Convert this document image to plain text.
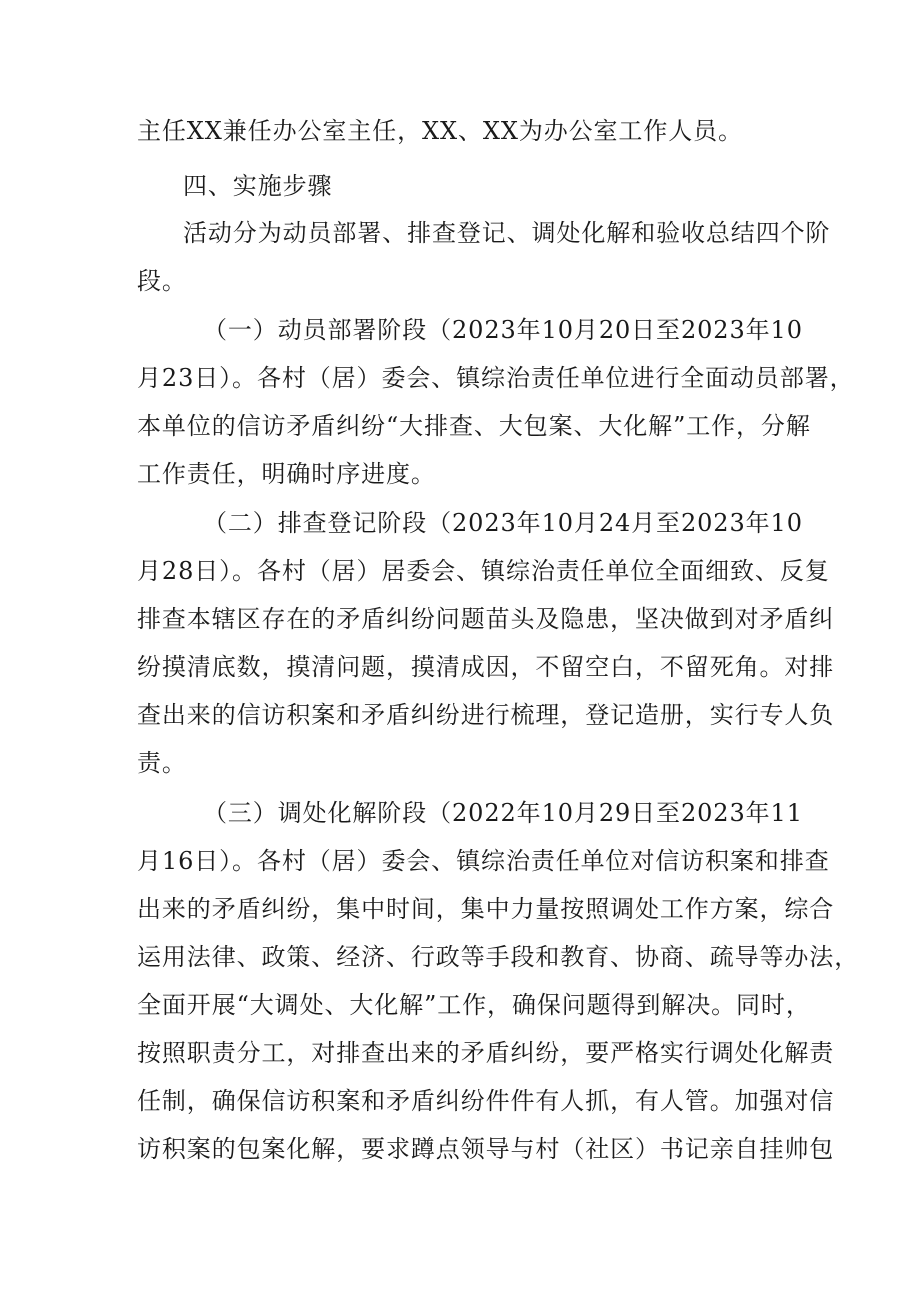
主任XX兼任办公室主任，XX、XX为办公室工作人员。
四、实施步骤
活动分为动员部署、排查登记、调处化解和验收总结四个阶
段。
（一）动员部署阶段（2023年10月20日至2023年10
月23日）。各村（居）委会、镇综治责任单位进行全面动员部署，
本单位的信访矛盾纠纷“大排查、大包案、大化解”工作，分解
工作责任，明确时序进度。
（二）排查登记阶段（2023年10月24月至2023年10
月28日）。各村（居）居委会、镇综治责任单位全面细致、反复
排查本辖区存在的矛盾纠纷问题苗头及隐患，坚决做到对矛盾纠
纷摸清底数，摸清问题，摸清成因，不留空白，不留死角。对排
查出来的信访积案和矛盾纠纷进行梳理，登记造册，实行专人负
责。
（三）调处化解阶段（2022年10月29日至2023年11
月16日）。各村（居）委会、镇综治责任单位对信访积案和排查
出来的矛盾纠纷，集中时间，集中力量按照调处工作方案，综合
运用法律、政策、经济、行政等手段和教育、协商、疏导等办法，
全面开展“大调处、大化解”工作，确保问题得到解决。同时，
按照职责分工，对排查出来的矛盾纠纷，要严格实行调处化解责
任制，确保信访积案和矛盾纠纷件件有人抓，有人管。加强对信
访积案的包案化解，要求蹲点领导与村（社区）书记亲自挂帅包
